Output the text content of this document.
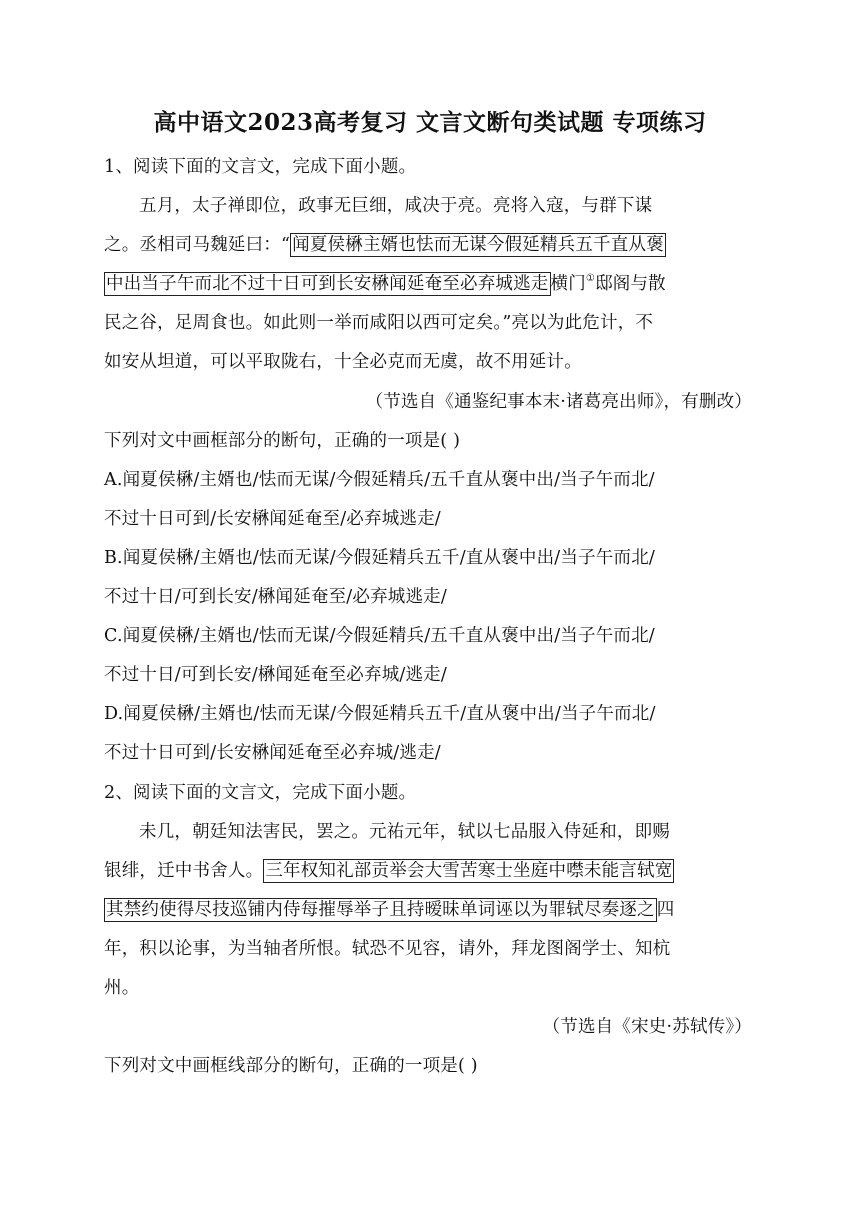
高中语文2023高考复习 文言文断句类试题 专项练习
1、阅读下面的文言文，完成下面小题。
五月，太子禅即位，政事无巨细，咸决于亮。亮将入寇，与群下谋
之。丞相司马魏延曰：“ 闻夏侯楙主婿也怯而无谋今假延精兵五千直从褒
中出当子午而北不过十日可到长安楙闻延奄至必弃城逃走 横门①邸阁与散
民之谷，足周食也。如此则一举而咸阳以西可定矣。”亮以为此危计，不
如安从坦道，可以平取陇右，十全必克而无虞，故不用延计。
（节选自《通鉴纪事本末·诸葛亮出师》，有删改）
下列对文中画框部分的断句，正确的一项是( )
A.闻夏侯楙/主婿也/怯而无谋/今假延精兵/五千直从褒中出/当子午而北/
不过十日可到/长安楙闻延奄至/必弃城逃走/
B.闻夏侯楙/主婿也/怯而无谋/今假延精兵五千/直从褒中出/当子午而北/
不过十日/可到长安/楙闻延奄至/必弃城逃走/
C.闻夏侯楙/主婿也/怯而无谋/今假延精兵/五千直从褒中出/当子午而北/
不过十日/可到长安/楙闻延奄至必弃城/逃走/
D.闻夏侯楙/主婿也/怯而无谋/今假延精兵五千/直从褒中出/当子午而北/
不过十日可到/长安楙闻延奄至必弃城/逃走/
2、阅读下面的文言文，完成下面小题。
未几，朝廷知法害民，罢之。元祐元年，轼以七品服入侍延和，即赐
银绯，迁中书舍人。 三年权知礼部贡举会大雪苦寒士坐庭中噤未能言轼宽
其禁约使得尽技巡铺内侍每摧辱举子且持暧昧单词诬以为罪轼尽奏逐之 四
年，积以论事，为当轴者所恨。轼恐不见容，请外，拜龙图阁学士、知杭
州。
（节选自《宋史·苏轼传》）
下列对文中画框线部分的断句，正确的一项是( )
